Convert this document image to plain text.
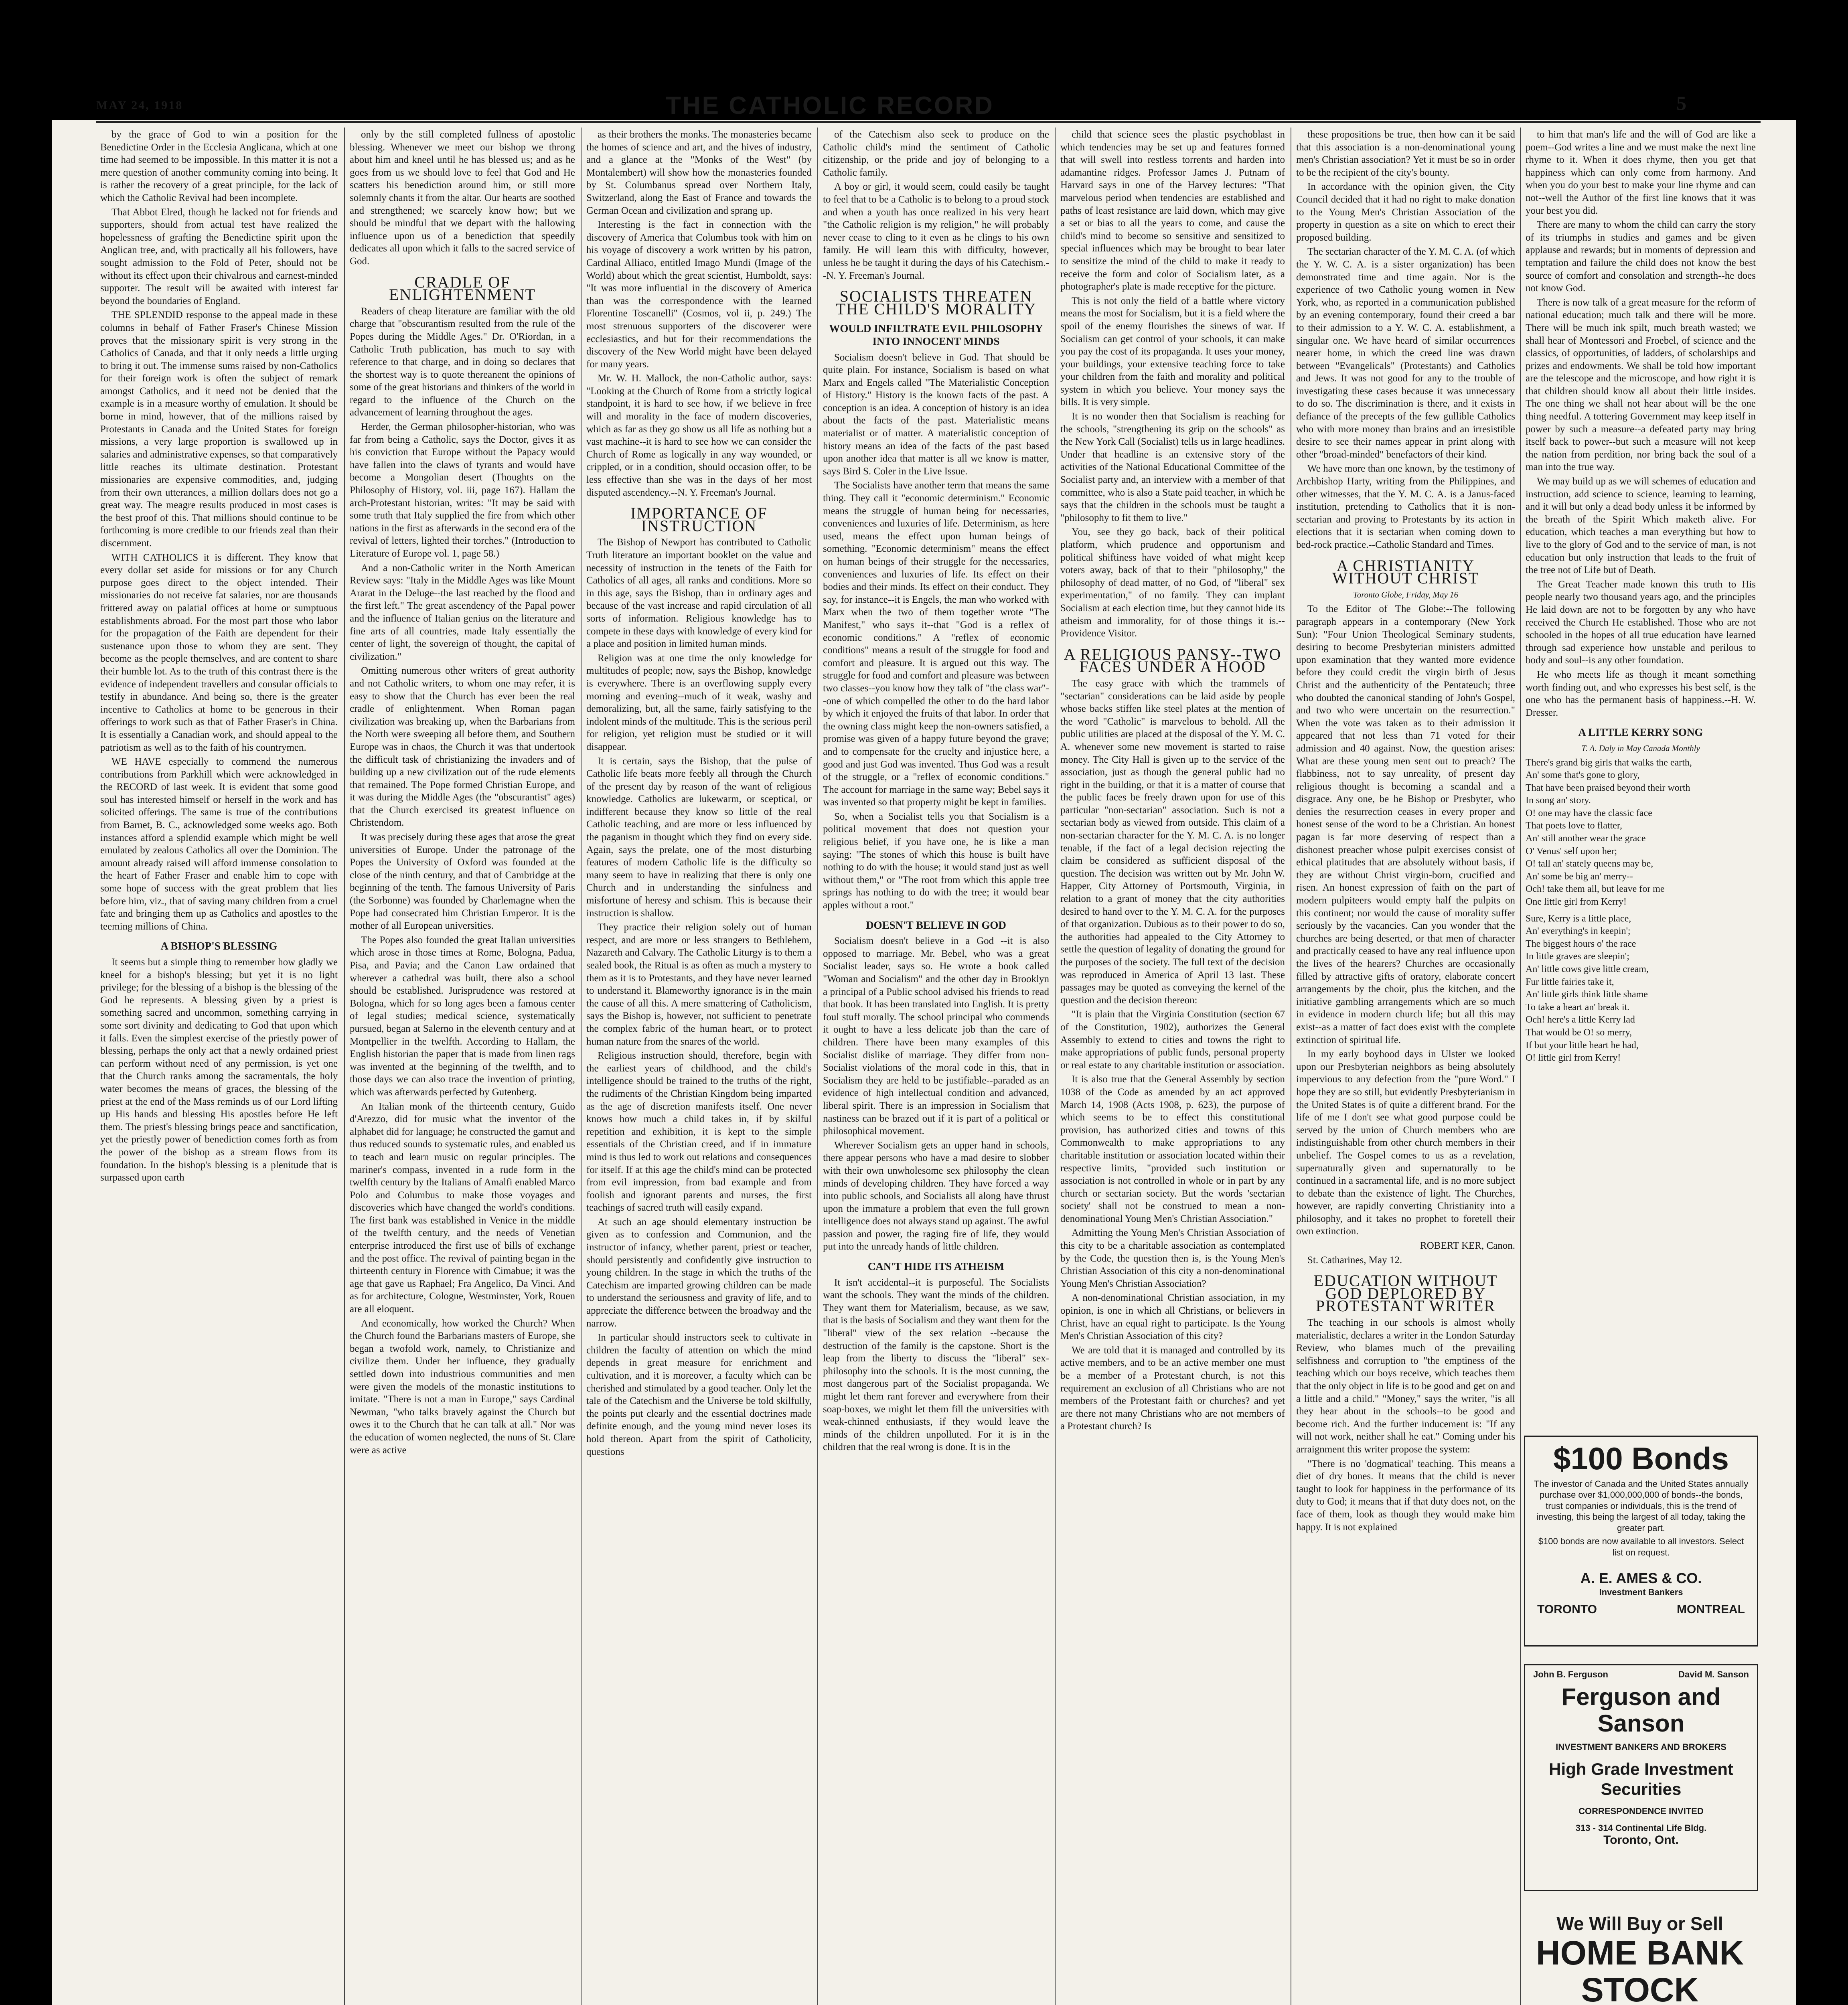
MAY 24, 1918	THE CATHOLIC RECORD	5

by the grace of God to win a position for the Benedictine Order in the Ecclesia Anglicana, which at one time had seemed to be impossible. In this matter it is not a mere question of another community coming into being. It is rather the recovery of a great principle, for the lack of which the Catholic Revival had been incomplete.

That Abbot Elred, though he lacked not for friends and supporters, should from actual test have realized the hopelessness of grafting the Benedictine spirit upon the Anglican tree, and, with practically all his followers, have sought admission to the Fold of Peter, should not be without its effect upon their chivalrous and earnest-minded supporter. The result will be awaited with interest far beyond the boundaries of England.

THE SPLENDID response to the appeal made in these columns in behalf of Father Fraser's Chinese Mission proves that the missionary spirit is very strong in the Catholics of Canada, and that it only needs a little urging to bring it out. The immense sums raised by non-Catholics for their foreign work is often the subject of remark amongst Catholics, and it need not be denied that the example is in a measure worthy of emulation. It should be borne in mind, however, that of the millions raised by Protestants in Canada and the United States for foreign missions, a very large proportion is swallowed up in salaries and administrative expenses, so that comparatively little reaches its ultimate destination. Protestant missionaries are expensive commodities, and, judging from their own utterances, a million dollars does not go a great way. The meagre results produced in most cases is the best proof of this. That millions should continue to be forthcoming is more credible to our friends zeal than their discernment.

WITH CATHOLICS it is different. They know that every dollar set aside for missions or for any Church purpose goes direct to the object intended. Their missionaries do not receive fat salaries, nor are thousands frittered away on palatial offices at home or sumptuous establishments abroad. For the most part those who labor for the propagation of the Faith are dependent for their sustenance upon those to whom they are sent. They become as the people themselves, and are content to share their humble lot. As to the truth of this contrast there is the evidence of independent travellers and consular officials to testify in abundance. And being so, there is the greater incentive to Catholics at home to be generous in their offerings to work such as that of Father Fraser's in China. It is essentially a Canadian work, and should appeal to the patriotism as well as to the faith of his countrymen.

WE HAVE especially to commend the numerous contributions from Parkhill which were acknowledged in the RECORD of last week. It is evident that some good soul has interested himself or herself in the work and has solicited offerings. The same is true of the contributions from Barnet, B. C., acknowledged some weeks ago. Both instances afford a splendid example which might be well emulated by zealous Catholics all over the Dominion. The amount already raised will afford immense consolation to the heart of Father Fraser and enable him to cope with some hope of success with the great problem that lies before him, viz., that of saving many children from a cruel fate and bringing them up as Catholics and apostles to the teeming millions of China.

A BISHOP'S BLESSING

It seems but a simple thing to remember how gladly we kneel for a bishop's blessing; but yet it is no light privilege; for the blessing of a bishop is the blessing of the God he represents. A blessing given by a priest is something sacred and uncommon, something carrying in some sort divinity and dedicating to God that upon which it falls. Even the simplest exercise of the priestly power of blessing, perhaps the only act that a newly ordained priest can perform without need of any permission, is yet one that the Church ranks among the sacramentals, the holy water becomes the means of graces, the blessing of the priest at the end of the Mass reminds us of our Lord lifting up His hands and blessing His apostles before He left them. The priest's blessing brings peace and sanctification, yet the priestly power of benediction comes forth as from the power of the bishop as a stream flows from its foundation. In the bishop's blessing is a plenitude that is surpassed upon earth

only by the still completed fullness of apostolic blessing. Whenever we meet our bishop we throng about him and kneel until he has blessed us; and as he goes from us we should love to feel that God and He scatters his benediction around him, or still more solemnly chants it from the altar. Our hearts are soothed and strengthened; we scarcely know how; but we should be mindful that we depart with the hallowing influence upon us of a benediction that speedily dedicates all upon which it falls to the sacred service of God.

CRADLE OF ENLIGHTENMENT

Readers of cheap literature are familiar with the old charge that "obscurantism resulted from the rule of the Popes during the Middle Ages." Dr. O'Riordan, in a Catholic Truth publication, has much to say with reference to that charge, and in doing so declares that the shortest way is to quote thereanent the opinions of some of the great historians and thinkers of the world in regard to the influence of the Church on the advancement of learning throughout the ages.

Herder, the German philosopher-historian, who was far from being a Catholic, says the Doctor, gives it as his conviction that Europe without the Papacy would have fallen into the claws of tyrants and would have become a Mongolian desert (Thoughts on the Philosophy of History, vol. iii, page 167). Hallam the arch-Protestant historian, writes: "It may be said with some truth that Italy supplied the fire from which other nations in the first as afterwards in the second era of the revival of letters, lighted their torches." (Introduction to Literature of Europe vol. 1, page 58.)

And a non-Catholic writer in the North American Review says: "Italy in the Middle Ages was like Mount Ararat in the Deluge--the last reached by the flood and the first left." The great ascendency of the Papal power and the influence of Italian genius on the literature and fine arts of all countries, made Italy essentially the center of light, the sovereign of thought, the capital of civilization."

Omitting numerous other writers of great authority and not Catholic writers, to whom one may refer, it is easy to show that the Church has ever been the real cradle of enlightenment. When Roman pagan civilization was breaking up, when the Barbarians from the North were sweeping all before them, and Southern Europe was in chaos, the Church it was that undertook the difficult task of christianizing the invaders and of building up a new civilization out of the rude elements that remained. The Pope formed Christian Europe, and it was during the Middle Ages (the "obscurantist" ages) that the Church exercised its greatest influence on Christendom.

It was precisely during these ages that arose the great universities of Europe. Under the patronage of the Popes the University of Oxford was founded at the close of the ninth century, and that of Cambridge at the beginning of the tenth. The famous University of Paris (the Sorbonne) was founded by Charlemagne when the Pope had consecrated him Christian Emperor. It is the mother of all European universities.

The Popes also founded the great Italian universities which arose in those times at Rome, Bologna, Padua, Pisa, and Pavia; and the Canon Law ordained that wherever a cathedral was built, there also a school should be established. Jurisprudence was restored at Bologna, which for so long ages been a famous center of legal studies; medical science, systematically pursued, began at Salerno in the eleventh century and at Montpellier in the twelfth. According to Hallam, the English historian the paper that is made from linen rags was invented at the beginning of the twelfth, and to those days we can also trace the invention of printing, which was afterwards perfected by Gutenberg.

An Italian monk of the thirteenth century, Guido d'Arezzo, did for music what the inventor of the alphabet did for language; he constructed the gamut and thus reduced sounds to systematic rules, and enabled us to teach and learn music on regular principles. The mariner's compass, invented in a rude form in the twelfth century by the Italians of Amalfi enabled Marco Polo and Columbus to make those voyages and discoveries which have changed the world's conditions. The first bank was established in Venice in the middle of the twelfth century, and the needs of Venetian enterprise introduced the first use of bills of exchange and the post office. The revival of painting began in the thirteenth century in Florence with Cimabue; it was the age that gave us Raphael; Fra Angelico, Da Vinci. And as for architecture, Cologne, Westminster, York, Rouen are all eloquent.

And economically, how worked the Church? When the Church found the Barbarians masters of Europe, she began a twofold work, namely, to Christianize and civilize them. Under her influence, they gradually settled down into industrious communities and men were given the models of the monastic institutions to imitate. "There is not a man in Europe," says Cardinal Newman, "who talks bravely against the Church but owes it to the Church that he can talk at all." Nor was the education of women neglected, the nuns of St. Clare were as active

as their brothers the monks. The monasteries became the homes of science and art, and the hives of industry, and a glance at the "Monks of the West" (by Montalembert) will show how the monasteries founded by St. Columbanus spread over Northern Italy, Switzerland, along the East of France and towards the German Ocean and civilization and sprang up.

Interesting is the fact in connection with the discovery of America that Columbus took with him on his voyage of discovery a work written by his patron, Cardinal Alliaco, entitled Imago Mundi (Image of the World) about which the great scientist, Humboldt, says: "It was more influential in the discovery of America than was the correspondence with the learned Florentine Toscanelli" (Cosmos, vol ii, p. 249.) The most strenuous supporters of the discoverer were ecclesiastics, and but for their recommendations the discovery of the New World might have been delayed for many years.

Mr. W. H. Mallock, the non-Catholic author, says: "Looking at the Church of Rome from a strictly logical standpoint, it is hard to see how, if we believe in free will and morality in the face of modern discoveries, which as far as they go show us all life as nothing but a vast machine--it is hard to see how we can consider the Church of Rome as logically in any way wounded, or crippled, or in a condition, should occasion offer, to be less effective than she was in the days of her most disputed ascendency.--N. Y. Freeman's Journal.

IMPORTANCE OF INSTRUCTION

The Bishop of Newport has contributed to Catholic Truth literature an important booklet on the value and necessity of instruction in the tenets of the Faith for Catholics of all ages, all ranks and conditions. More so in this age, says the Bishop, than in ordinary ages and because of the vast increase and rapid circulation of all sorts of information. Religious knowledge has to compete in these days with knowledge of every kind for a place and position in limited human minds.

Religion was at one time the only knowledge for multitudes of people; now, says the Bishop, knowledge is everywhere. There is an overflowing supply every morning and evening--much of it weak, washy and demoralizing, but, all the same, fairly satisfying to the indolent minds of the multitude. This is the serious peril for religion, yet religion must be studied or it will disappear.

It is certain, says the Bishop, that the pulse of Catholic life beats more feebly all through the Church of the present day by reason of the want of religious knowledge. Catholics are lukewarm, or sceptical, or indifferent because they know so little of the real Catholic teaching, and are more or less influenced by the paganism in thought which they find on every side. Again, says the prelate, one of the most disturbing features of modern Catholic life is the difficulty so many seem to have in realizing that there is only one Church and in understanding the sinfulness and misfortune of heresy and schism. This is because their instruction is shallow.

They practice their religion solely out of human respect, and are more or less strangers to Bethlehem, Nazareth and Calvary. The Catholic Liturgy is to them a sealed book, the Ritual is as often as much a mystery to them as it is to Protestants, and they have never learned to understand it. Blameworthy ignorance is in the main the cause of all this. A mere smattering of Catholicism, says the Bishop is, however, not sufficient to penetrate the complex fabric of the human heart, or to protect human nature from the snares of the world.

Religious instruction should, therefore, begin with the earliest years of childhood, and the child's intelligence should be trained to the truths of the right, the rudiments of the Christian Kingdom being imparted as the age of discretion manifests itself. One never knows how much a child takes in, if by skilful repetition and exhibition, it is kept to the simple essentials of the Christian creed, and if in immature mind is thus led to work out relations and consequences for itself. If at this age the child's mind can be protected from evil impression, from bad example and from foolish and ignorant parents and nurses, the first teachings of sacred truth will easily expand.

At such an age should elementary instruction be given as to confession and Communion, and the instructor of infancy, whether parent, priest or teacher, should persistently and confidently give instruction to young children. In the stage in which the truths of the Catechism are imparted growing children can be made to understand the seriousness and gravity of life, and to appreciate the difference between the broadway and the narrow.

In particular should instructors seek to cultivate in children the faculty of attention on which the mind depends in great measure for enrichment and cultivation, and it is moreover, a faculty which can be cherished and stimulated by a good teacher. Only let the tale of the Catechism and the Universe be told skilfully, the points put clearly and the essential doctrines made definite enough, and the young mind never loses its hold thereon. Apart from the spirit of Catholicity, questions

of the Catechism also seek to produce on the Catholic child's mind the sentiment of Catholic citizenship, or the pride and joy of belonging to a Catholic family.

A boy or girl, it would seem, could easily be taught to feel that to be a Catholic is to belong to a proud stock and when a youth has once realized in his very heart "the Catholic religion is my religion," he will probably never cease to cling to it even as he clings to his own family. He will learn this with difficulty, however, unless he be taught it during the days of his Catechism.--N. Y. Freeman's Journal.

SOCIALISTS THREATEN THE CHILD'S MORALITY
WOULD INFILTRATE EVIL PHILOSOPHY INTO INNOCENT MINDS

Socialism doesn't believe in God. That should be quite plain. For instance, Socialism is based on what Marx and Engels called "The Materialistic Conception of History." History is the known facts of the past. A conception is an idea. A conception of history is an idea about the facts of the past. Materialistic means materialist or of matter. A materialistic conception of history means an idea of the facts of the past based upon another idea that matter is all we know is matter, says Bird S. Coler in the Live Issue.

The Socialists have another term that means the same thing. They call it "economic determinism." Economic means the struggle of human being for necessaries, conveniences and luxuries of life. Determinism, as here used, means the effect upon human beings of something. "Economic determinism" means the effect on human beings of their struggle for the necessaries, conveniences and luxuries of life. Its effect on their bodies and their minds. Its effect on their conduct. They say, for instance--it is Engels, the man who worked with Marx when the two of them together wrote "The Manifest," who says it--that "God is a reflex of economic conditions." A "reflex of economic conditions" means a result of the struggle for food and comfort and pleasure. It is argued out this way. The struggle for food and comfort and pleasure was between two classes--you know how they talk of "the class war"--one of which compelled the other to do the hard labor by which it enjoyed the fruits of that labor. In order that the owning class might keep the non-owners satisfied, a promise was given of a happy future beyond the grave; and to compensate for the cruelty and injustice here, a good and just God was invented. Thus God was a result of the struggle, or a "reflex of economic conditions." The account for marriage in the same way; Bebel says it was invented so that property might be kept in families.

So, when a Socialist tells you that Socialism is a political movement that does not question your religious belief, if you have one, he is like a man saying: "The stones of which this house is built have nothing to do with the house; it would stand just as well without them," or "The root from which this apple tree springs has nothing to do with the tree; it would bear apples without a root."

DOESN'T BELIEVE IN GOD

Socialism doesn't believe in a God --it is also opposed to marriage. Mr. Bebel, who was a great Socialist leader, says so. He wrote a book called "Woman and Socialism" and the other day in Brooklyn a principal of a Public school advised his friends to read that book. It has been translated into English. It is pretty foul stuff morally. The school principal who commends it ought to have a less delicate job than the care of children. There have been many examples of this Socialist dislike of marriage. They differ from non-Socialist violations of the moral code in this, that in Socialism they are held to be justifiable--paraded as an evidence of high intellectual condition and advanced, liberal spirit. There is an impression in Socialism that nastiness can be brazed out if it is part of a political or philosophical movement.

Wherever Socialism gets an upper hand in schools, there appear persons who have a mad desire to slobber with their own unwholesome sex philosophy the clean minds of developing children. They have forced a way into public schools, and Socialists all along have thrust upon the immature a problem that even the full grown intelligence does not always stand up against. The awful passion and power, the raging fire of life, they would put into the unready hands of little children.

CAN'T HIDE ITS ATHEISM

It isn't accidental--it is purposeful. The Socialists want the schools. They want the minds of the children. They want them for Materialism, because, as we saw, that is the basis of Socialism and they want them for the "liberal" view of the sex relation --because the destruction of the family is the capstone. Short is the leap from the liberty to discuss the "liberal" sex-philosophy into the schools. It is the most cunning, the most dangerous part of the Socialist propaganda. We might let them rant forever and everywhere from their soap-boxes, we might let them fill the universities with weak-chinned enthusiasts, if they would leave the minds of the children unpolluted. For it is in the children that the real wrong is done. It is in the

child that science sees the plastic psychoblast in which tendencies may be set up and features formed that will swell into restless torrents and harden into adamantine ridges. Professor James J. Putnam of Harvard says in one of the Harvey lectures: "That marvelous period when tendencies are established and paths of least resistance are laid down, which may give a set or bias to all the years to come, and cause the child's mind to become so sensitive and sensitized to special influences which may be brought to bear later to sensitize the mind of the child to make it ready to receive the form and color of Socialism later, as a photographer's plate is made receptive for the picture.

This is not only the field of a battle where victory means the most for Socialism, but it is a field where the spoil of the enemy flourishes the sinews of war. If Socialism can get control of your schools, it can make you pay the cost of its propaganda. It uses your money, your buildings, your extensive teaching force to take your children from the faith and morality and political system in which you believe. Your money says the bills. It is very simple.

It is no wonder then that Socialism is reaching for the schools, "strengthening its grip on the schools" as the New York Call (Socialist) tells us in large headlines. Under that headline is an extensive story of the activities of the National Educational Committee of the Socialist party and, an interview with a member of that committee, who is also a State paid teacher, in which he says that the children in the schools must be taught a "philosophy to fit them to live."

You, see they go back, back of their political platform, which prudence and opportunism and political shiftiness have voided of what might keep voters away, back of that to their "philosophy," the philosophy of dead matter, of no God, of "liberal" sex experimentation," of no family. They can implant Socialism at each election time, but they cannot hide its atheism and immorality, for of those things it is.--Providence Visitor.

A RELIGIOUS PANSY--TWO FACES UNDER A HOOD

The easy grace with which the trammels of "sectarian" considerations can be laid aside by people whose backs stiffen like steel plates at the mention of the word "Catholic" is marvelous to behold. All the public utilities are placed at the disposal of the Y. M. C. A. whenever some new movement is started to raise money. The City Hall is given up to the service of the association, just as though the general public had no right in the building, or that it is a matter of course that the public faces be freely drawn upon for use of this particular "non-sectarian" association. Such is not a sectarian body as viewed from outside. This claim of a non-sectarian character for the Y. M. C. A. is no longer tenable, if the fact of a legal decision rejecting the claim be considered as sufficient disposal of the question. The decision was written out by Mr. John W. Happer, City Attorney of Portsmouth, Virginia, in relation to a grant of money that the city authorities desired to hand over to the Y. M. C. A. for the purposes of that organization. Dubious as to their power to do so, the authorities had appealed to the City Attorney to settle the question of legality of donating the ground for the purposes of the society. The full text of the decision was reproduced in America of April 13 last. These passages may be quoted as conveying the kernel of the question and the decision thereon:

"It is plain that the Virginia Constitution (section 67 of the Constitution, 1902), authorizes the General Assembly to extend to cities and towns the right to make appropriations of public funds, personal property or real estate to any charitable institution or association.

It is also true that the General Assembly by section 1038 of the Code as amended by an act approved March 14, 1908 (Acts 1908, p. 623), the purpose of which seems to be to effect this constitutional provision, has authorized cities and towns of this Commonwealth to make appropriations to any charitable institution or association located within their respective limits, "provided such institution or association is not controlled in whole or in part by any church or sectarian society. But the words 'sectarian society' shall not be construed to mean a non-denominational Young Men's Christian Association."

Admitting the Young Men's Christian Association of this city to be a charitable association as contemplated by the Code, the question then is, is the Young Men's Christian Association of this city a non-denominational Young Men's Christian Association?

A non-denominational Christian association, in my opinion, is one in which all Christians, or believers in Christ, have an equal right to participate. Is the Young Men's Christian Association of this city?

We are told that it is managed and controlled by its active members, and to be an active member one must be a member of a Protestant church, is not this requirement an exclusion of all Christians who are not members of the Protestant faith or churches? and yet are there not many Christians who are not members of a Protestant church? Is

these propositions be true, then how can it be said that this association is a non-denominational young men's Christian association? Yet it must be so in order to be the recipient of the city's bounty.

In accordance with the opinion given, the City Council decided that it had no right to make donation to the Young Men's Christian Association of the property in question as a site on which to erect their proposed building.

The sectarian character of the Y. M. C. A. (of which the Y. W. C. A. is a sister organization) has been demonstrated time and time again. Nor is the experience of two Catholic young women in New York, who, as reported in a communication published by an evening contemporary, found their creed a bar to their admission to a Y. W. C. A. establishment, a singular one. We have heard of similar occurrences nearer home, in which the creed line was drawn between "Evangelicals" (Protestants) and Catholics and Jews. It was not good for any to the trouble of investigating these cases because it was unnecessary to do so. The discrimination is there, and it exists in defiance of the precepts of the few gullible Catholics who with more money than brains and an irresistible desire to see their names appear in print along with other "broad-minded" benefactors of their kind.

We have more than one known, by the testimony of Archbishop Harty, writing from the Philippines, and other witnesses, that the Y. M. C. A. is a Janus-faced institution, pretending to Catholics that it is non-sectarian and proving to Protestants by its action in elections that it is sectarian when coming down to bed-rock practice.--Catholic Standard and Times.

A CHRISTIANITY WITHOUT CHRIST
Toronto Globe, Friday, May 16

To the Editor of The Globe:--The following paragraph appears in a contemporary (New York Sun): "Four Union Theological Seminary students, desiring to become Presbyterian ministers admitted upon examination that they wanted more evidence before they could credit the virgin birth of Jesus Christ and the authenticity of the Pentateuch; three who doubted the canonical standing of John's Gospel, and two who were uncertain on the resurrection." When the vote was taken as to their admission it appeared that not less than 71 voted for their admission and 40 against. Now, the question arises: What are these young men sent out to preach? The flabbiness, not to say unreality, of present day religious thought is becoming a scandal and a disgrace. Any one, be he Bishop or Presbyter, who denies the resurrection ceases in every proper and honest sense of the word to be a Christian. An honest pagan is far more deserving of respect than a dishonest preacher whose pulpit exercises consist of ethical platitudes that are absolutely without basis, if they are without Christ virgin-born, crucified and risen. An honest expression of faith on the part of modern pulpiteers would empty half the pulpits on this continent; nor would the cause of morality suffer seriously by the vacancies. Can you wonder that the churches are being deserted, or that men of character and practically ceased to have any real influence upon the lives of the hearers? Churches are occasionally filled by attractive gifts of oratory, elaborate concert arrangements by the choir, plus the kitchen, and the initiative gambling arrangements which are so much in evidence in modern church life; but all this may exist--as a matter of fact does exist with the complete extinction of spiritual life.

In my early boyhood days in Ulster we looked upon our Presbyterian neighbors as being absolutely impervious to any defection from the "pure Word." I hope they are so still, but evidently Presbyterianism in the United States is of quite a different brand. For the life of me I don't see what good purpose could be served by the union of Church members who are indistinguishable from other church members in their unbelief. The Gospel comes to us as a revelation, supernaturally given and supernaturally to be continued in a sacramental life, and is no more subject to debate than the existence of light. The Churches, however, are rapidly converting Christianity into a philosophy, and it takes no prophet to foretell their own extinction.

ROBERT KER, Canon.

St. Catharines, May 12.

EDUCATION WITHOUT GOD DEPLORED BY PROTESTANT WRITER

The teaching in our schools is almost wholly materialistic, declares a writer in the London Saturday Review, who blames much of the prevailing selfishness and corruption to "the emptiness of the teaching which our boys receive, which teaches them that the only object in life is to be good and get on and a little and a child." "Money," says the writer, "is all they hear about in the schools--to be good and become rich. And the further inducement is: "If any will not work, neither shall he eat." Coming under his arraignment this writer propose the system:

"There is no 'dogmatical' teaching. This means a diet of dry bones. It means that the child is never taught to look for happiness in the performance of its duty to God; it means that if that duty does not, on the face of them, look as though they would make him happy. It is not explained

to him that man's life and the will of God are like a poem--God writes a line and we must make the next line rhyme to it. When it does rhyme, then you get that happiness which can only come from harmony. And when you do your best to make your line rhyme and can not--well the Author of the first line knows that it was your best you did.

There are many to whom the child can carry the story of its triumphs in studies and games and be given applause and rewards; but in moments of depression and temptation and failure the child does not know the best source of comfort and consolation and strength--he does not know God.

There is now talk of a great measure for the reform of national education; much talk and there will be more. There will be much ink spilt, much breath wasted; we shall hear of Montessori and Froebel, of science and the classics, of opportunities, of ladders, of scholarships and prizes and endowments. We shall be told how important are the telescope and the microscope, and how right it is that children should know all about their little insides. The one thing we shall not hear about will be the one thing needful. A tottering Government may keep itself in power by such a measure--a defeated party may bring itself back to power--but such a measure will not keep the nation from perdition, nor bring back the soul of a man into the true way.

We may build up as we will schemes of education and instruction, add science to science, learning to learning, and it will but only a dead body unless it be informed by the breath of the Spirit Which maketh alive. For education, which teaches a man everything but how to live to the glory of God and to the service of man, is not education but only instruction that leads to the fruit of the tree not of Life but of Death.

The Great Teacher made known this truth to His people nearly two thousand years ago, and the principles He laid down are not to be forgotten by any who have received the Church He established. Those who are not schooled in the hopes of all true education have learned through sad experience how unstable and perilous to body and soul--is any other foundation.

He who meets life as though it meant something worth finding out, and who expresses his best self, is the one who has the permanent basis of happiness.--H. W. Dresser.

A LITTLE KERRY SONG
T. A. Daly in May Canada Monthly

There's grand big girls that walks the earth,

An' some that's gone to glory,

That have been praised beyond their worth

In song an' story.

O! one may have the classic face

That poets love to flatter,

An' still another wear the grace

O' Venus' self upon her;

O! tall an' stately queens may be,

An' some be big an' merry--

Och! take them all, but leave for me

One little girl from Kerry!

Sure, Kerry is a little place,

An' everything's in keepin';

The biggest hours o' the race

In little graves are sleepin';

An' little cows give little cream,

Fur little fairies take it,

An' little girls think little shame

To take a heart an' break it.

Och! here's a little Kerry lad

That would be O! so merry,

If but your little heart he had,

O! little girl from Kerry!

$100 Bonds
The investor of Canada and the United States annually purchase over $1,000,000,000 of bonds--the bonds, trust companies or individuals, this is the trend of investing, this being the largest of all today, taking the greater part.
$100 bonds are now available to all investors. Select list on request.
A. E. AMES & CO.
Investment Bankers
TORONTO	MONTREAL
John B. Ferguson	David M. Sanson
Ferguson and Sanson
INVESTMENT BANKERS AND BROKERS
High Grade Investment Securities
CORRESPONDENCE INVITED
313 - 314 Continental Life Bldg.
Toronto, Ont.
We Will Buy or Sell
HOME BANK
STOCK
